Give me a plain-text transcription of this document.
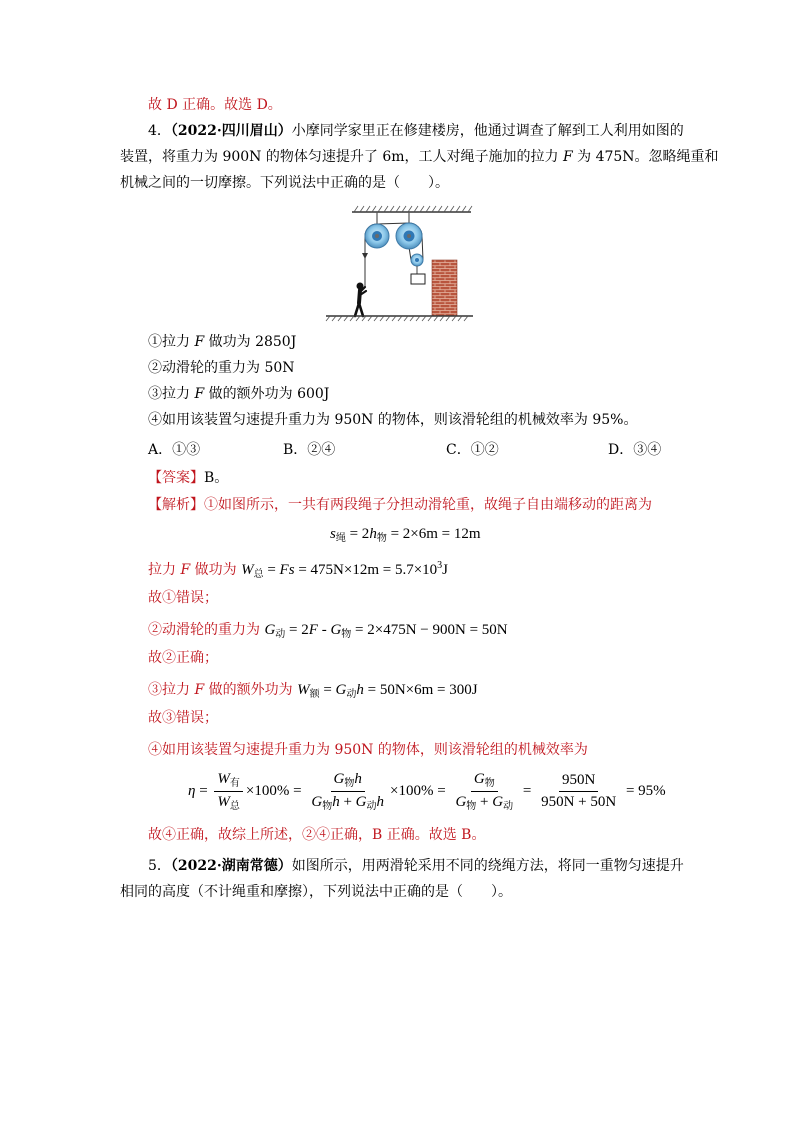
故 D 正确。故选 D。
4．（2022·四川眉山）小摩同学家里正在修建楼房，他通过调查了解到工人利用如图的
装置，将重力为 900N 的物体匀速提升了 6m，工人对绳子施加的拉力 F 为 475N。忽略绳重和
机械之间的一切摩擦。下列说法中正确的是（　　）。
①拉力 F 做功为 2850J
②动滑轮的重力为 50N
③拉力 F 做的额外功为 600J
④如用该装置匀速提升重力为 950N 的物体，则该滑轮组的机械效率为 95%。
A．①③	B．②④	C．①②	D．③④
【答案】B。
【解析】①如图所示，一共有两段绳子分担动滑轮重，故绳子自由端移动的距离为
$s_绳 = 2h_物 = 2\times 6m = 12m$
拉力 F 做功为 $W_总 = Fs = 475N\times 12m = 5.7\times 10^3J$
故①错误；
②动滑轮的重力为 $G_动 = 2F - G_物 = 2\times 475N - 900N = 50N$
故②正确；
③拉力 F 做的额外功为 $W_额 = G_动h = 50N\times 6m = 300J$
故③错误；
④如用该装置匀速提升重力为 950N 的物体，则该滑轮组的机械效率为
$\eta = \frac{W_有}{W_总} \times 100\% = \frac{G_物h}{G_物h + G_动h} \times 100\% = \frac{G_物}{G_物 + G_动} = \frac{950N}{950N + 50N} = 95\%$
故④正确，故综上所述，②④正确，B 正确。故选 B。
5．（2022·湖南常德）如图所示，用两滑轮采用不同的绕绳方法，将同一重物匀速提升
相同的高度（不计绳重和摩擦），下列说法中正确的是（　　）。
